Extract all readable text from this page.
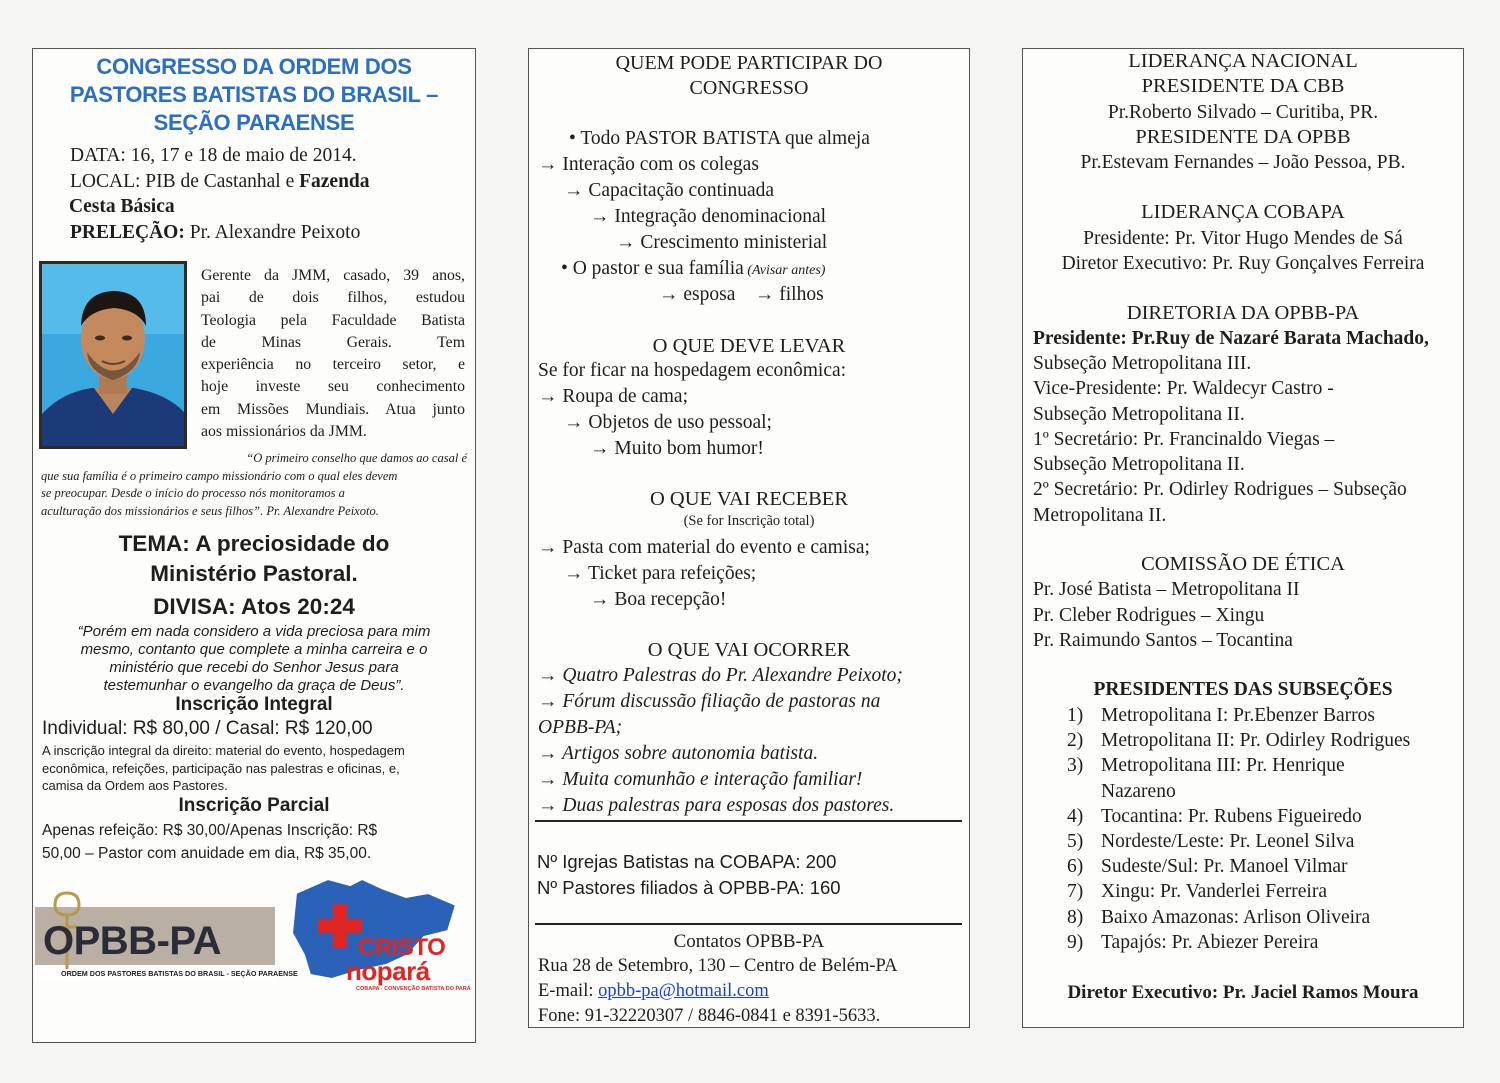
CONGRESSO DA ORDEM DOS
PASTORES BATISTAS DO BRASIL –
SEÇÃO PARAENSE
DATA: 16, 17 e 18 de maio de 2014.
LOCAL: PIB de Castanhal e Fazenda
Cesta Básica
PRELEÇÃO: Pr. Alexandre Peixoto
Gerente da JMM, casado, 39 anos,
pai de dois filhos, estudou
Teologia pela Faculdade Batista
de Minas Gerais. Tem
experiência no terceiro setor, e
hoje investe seu conhecimento
em Missões Mundiais. Atua junto
aos missionários da JMM.
“O primeiro conselho que damos ao casal é
que sua família é o primeiro campo missionário com o qual eles devem
se preocupar. Desde o início do processo nós monitoramos a
aculturação dos missionários e seus filhos”. Pr. Alexandre Peixoto.
TEMA: A preciosidade do
Ministério Pastoral.
DIVISA: Atos 20:24
“Porém em nada considero a vida preciosa para mim
mesmo, contanto que complete a minha carreira e o
ministério que recebi do Senhor Jesus para
testemunhar o evangelho da graça de Deus”.
Inscrição Integral
Individual: R$ 80,00 / Casal: R$ 120,00
A inscrição integral da direito: material do evento, hospedagem
econômica, refeições, participação nas palestras e oficinas, e,
camisa da Ordem aos Pastores.
Inscrição Parcial
Apenas refeição: R$ 30,00/Apenas Inscrição: R$
50,00 – Pastor com anuidade em dia, R$ 35,00.
OPBB-PA
ORDEM DOS PASTORES BATISTAS DO BRASIL - SEÇÃO PARAENSE
de
CRISTO
nopará
COBAPA - CONVENÇÃO BATISTA DO PARÁ
QUEM PODE PARTICIPAR DO
CONGRESSO
• Todo PASTOR BATISTA que almeja
→ Interação com os colegas
→ Capacitação continuada
→ Integração denominacional
→ Crescimento ministerial
• O pastor e sua família (Avisar antes)
→ esposa    → filhos
O QUE DEVE LEVAR
Se for ficar na hospedagem econômica:
→ Roupa de cama;
→ Objetos de uso pessoal;
→ Muito bom humor!
O QUE VAI RECEBER
(Se for Inscrição total)
→ Pasta com material do evento e camisa;
→ Ticket para refeições;
→ Boa recepção!
O QUE VAI OCORRER
→ Quatro Palestras do Pr. Alexandre Peixoto;
→ Fórum discussão filiação de pastoras na
OPBB-PA;
→ Artigos sobre autonomia batista.
→ Muita comunhão e interação familiar!
→ Duas palestras para esposas dos pastores.
Nº Igrejas Batistas na COBAPA: 200
Nº Pastores filiados à OPBB-PA: 160
Contatos OPBB-PA
Rua 28 de Setembro, 130 – Centro de Belém-PA
E-mail: opbb-pa@hotmail.com
Fone: 91-32220307 / 8846-0841 e 8391-5633.
LIDERANÇA NACIONAL
PRESIDENTE DA CBB
Pr.Roberto Silvado – Curitiba, PR.
PRESIDENTE DA OPBB
Pr.Estevam Fernandes – João Pessoa, PB.
LIDERANÇA COBAPA
Presidente: Pr. Vitor Hugo Mendes de Sá
Diretor Executivo: Pr. Ruy Gonçalves Ferreira
DIRETORIA DA OPBB-PA
Presidente: Pr.Ruy de Nazaré Barata Machado,
Subseção Metropolitana III.
Vice-Presidente: Pr. Waldecyr Castro -
Subseção Metropolitana II.
1º Secretário: Pr. Francinaldo Viegas –
Subseção Metropolitana II.
2º Secretário: Pr. Odirley Rodrigues – Subseção
Metropolitana II.
COMISSÃO DE ÉTICA
Pr. José Batista – Metropolitana II
Pr. Cleber Rodrigues – Xingu
Pr. Raimundo Santos – Tocantina
PRESIDENTES DAS SUBSEÇÕES
1) Metropolitana I: Pr.Ebenzer Barros
2) Metropolitana II: Pr. Odirley Rodrigues
3) Metropolitana III: Pr. Henrique
Nazareno
4) Tocantina: Pr. Rubens Figueiredo
5) Nordeste/Leste: Pr. Leonel Silva
6) Sudeste/Sul: Pr. Manoel Vilmar
7) Xingu: Pr. Vanderlei Ferreira
8) Baixo Amazonas: Arlison Oliveira
9) Tapajós: Pr. Abiezer Pereira
Diretor Executivo: Pr. Jaciel Ramos Moura
